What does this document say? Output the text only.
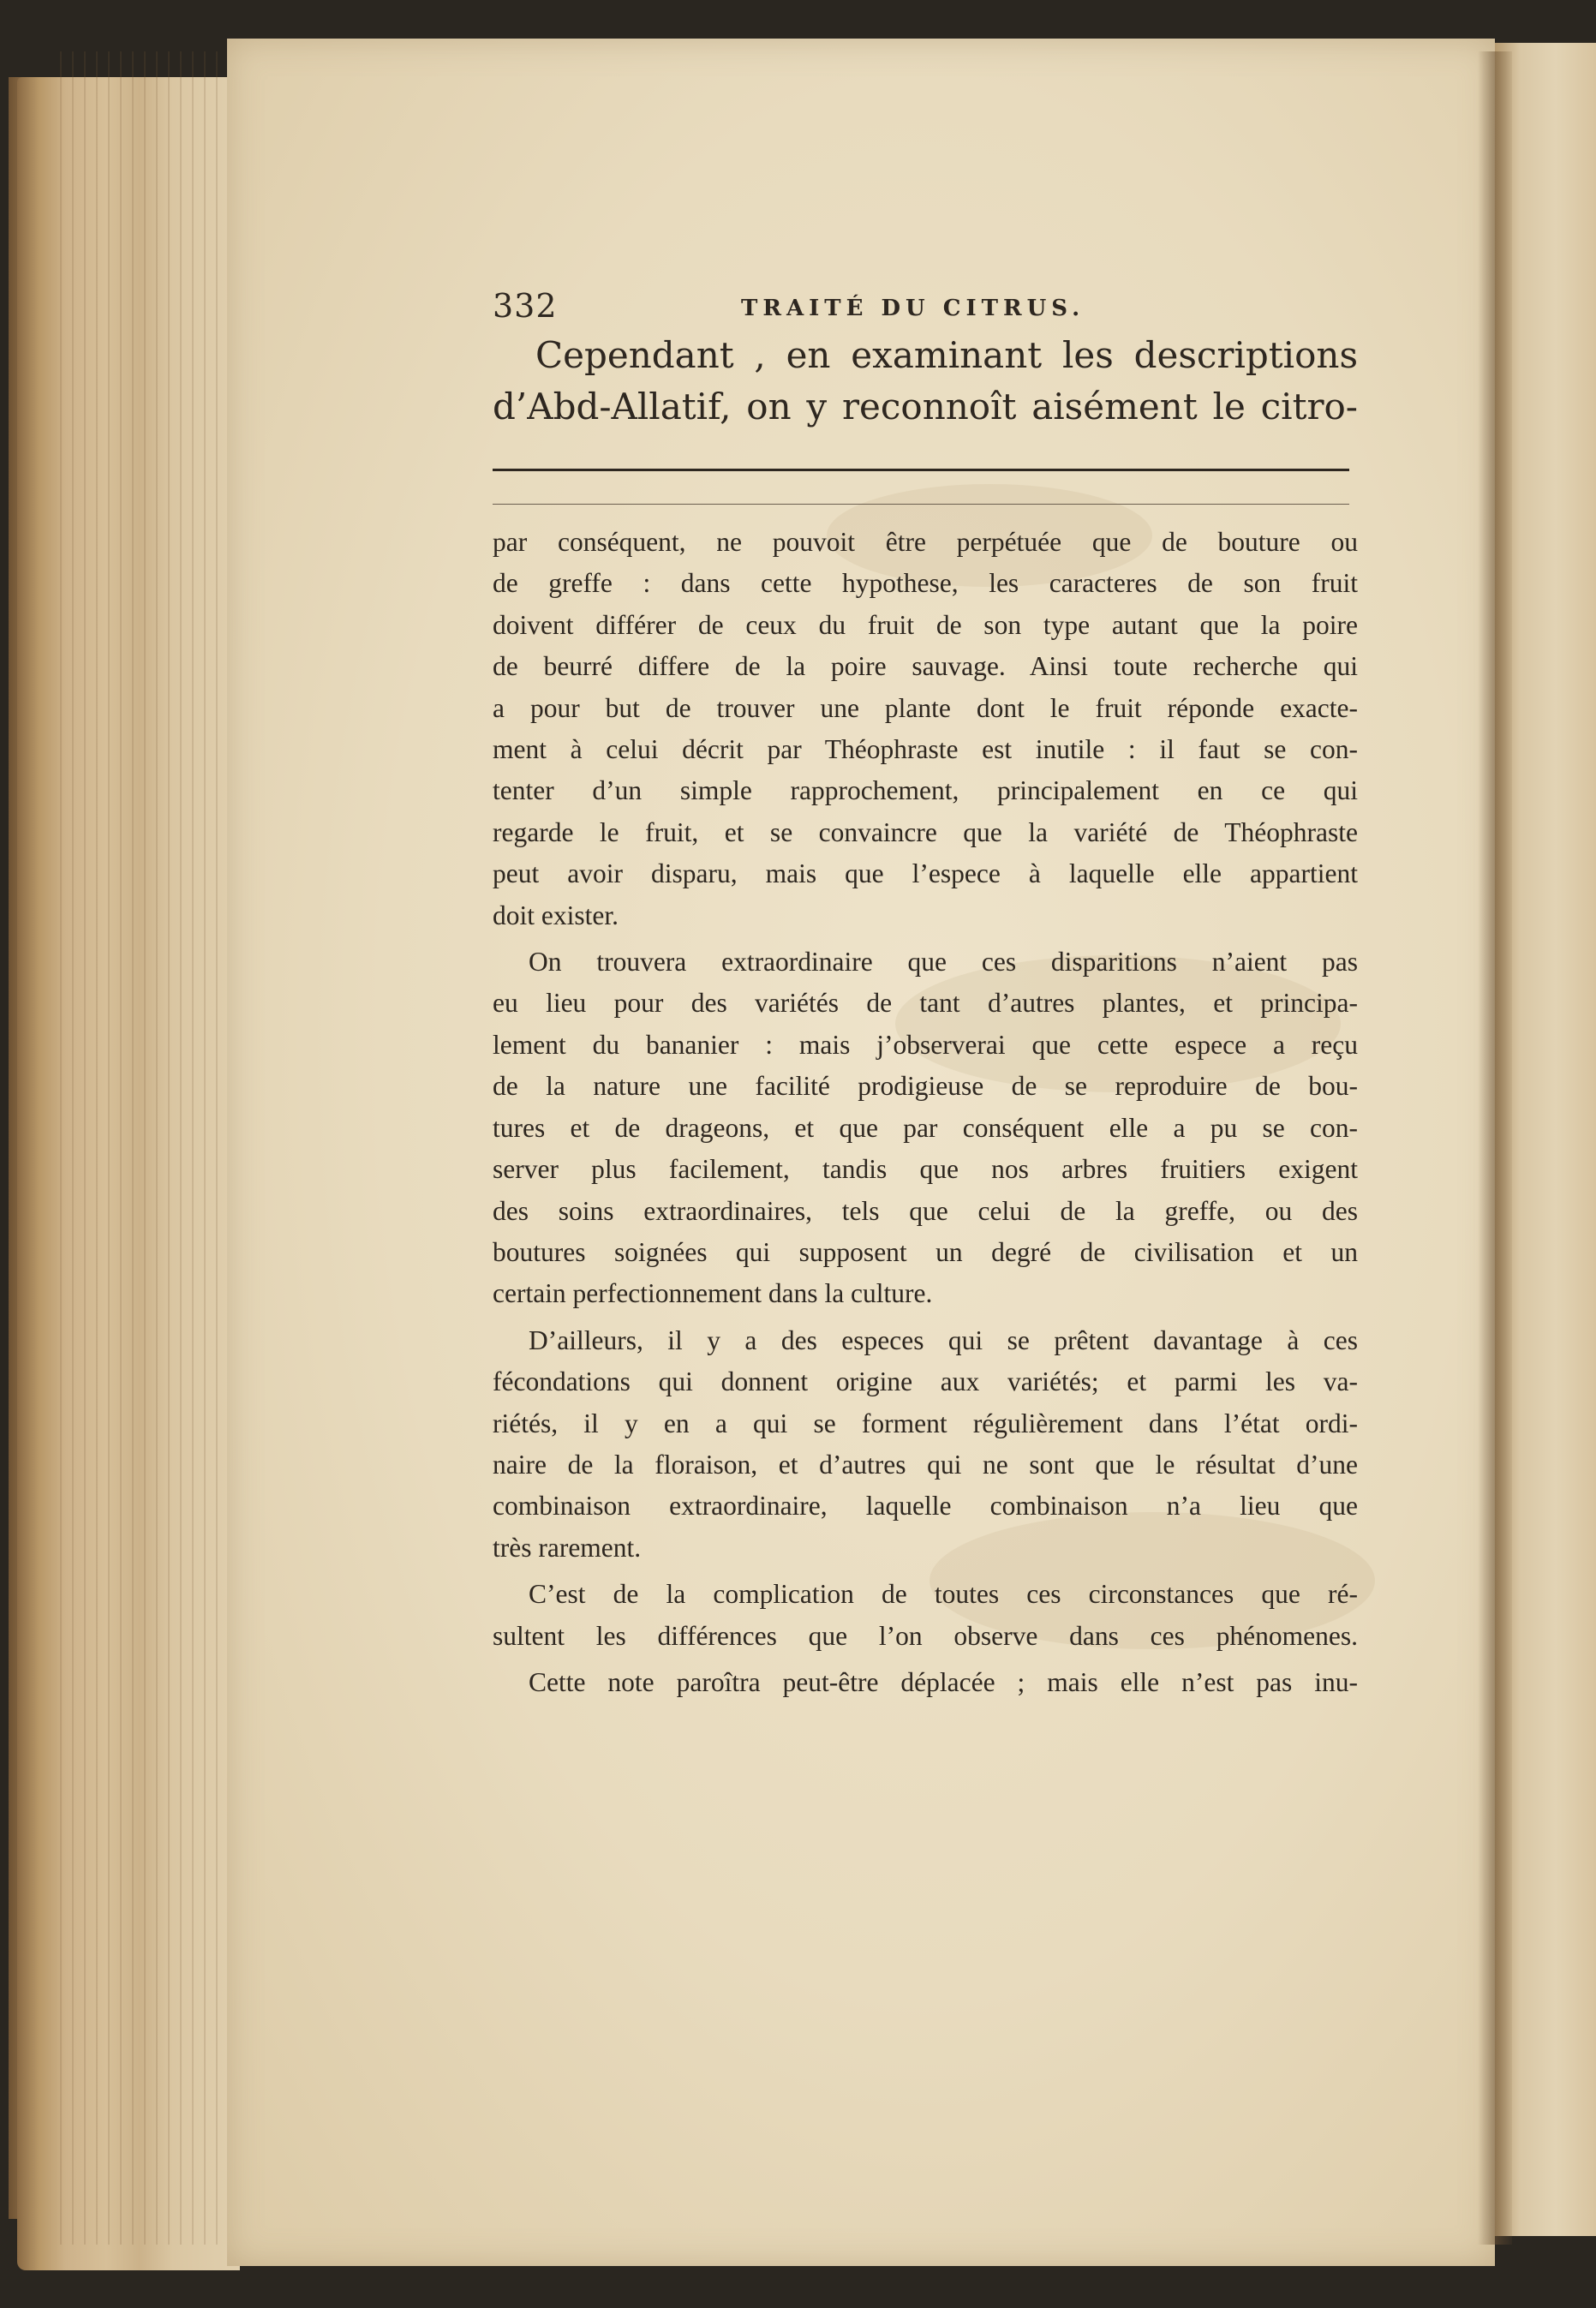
332	TRAITÉ DU CITRUS.
Cependant , en examinant les descriptions
d’Abd-Allatif, on y reconnoît aisément le citro-
par conséquent, ne pouvoit être perpétuée que de bouture ou
de greffe : dans cette hypothese, les caracteres de son fruit
doivent différer de ceux du fruit de son type autant que la poire
de beurré differe de la poire sauvage. Ainsi toute recherche qui
a pour but de trouver une plante dont le fruit réponde exacte-
ment à celui décrit par Théophraste est inutile : il faut se con-
tenter d’un simple rapprochement, principalement en ce qui
regarde le fruit, et se convaincre que la variété de Théophraste
peut avoir disparu, mais que l’espece à laquelle elle appartient
doit exister.
On trouvera extraordinaire que ces disparitions n’aient pas
eu lieu pour des variétés de tant d’autres plantes, et principa-
lement du bananier : mais j’observerai que cette espece a reçu
de la nature une facilité prodigieuse de se reproduire de bou-
tures et de drageons, et que par conséquent elle a pu se con-
server plus facilement, tandis que nos arbres fruitiers exigent
des soins extraordinaires, tels que celui de la greffe, ou des
boutures soignées qui supposent un degré de civilisation et un
certain perfectionnement dans la culture.
D’ailleurs, il y a des especes qui se prêtent davantage à ces
fécondations qui donnent origine aux variétés; et parmi les va-
riétés, il y en a qui se forment régulièrement dans l’état ordi-
naire de la floraison, et d’autres qui ne sont que le résultat d’une
combinaison extraordinaire, laquelle combinaison n’a lieu que
très rarement.
C’est de la complication de toutes ces circonstances que ré-
sultent les différences que l’on observe dans ces phénomenes.
Cette note paroîtra peut-être déplacée ; mais elle n’est pas inu-
